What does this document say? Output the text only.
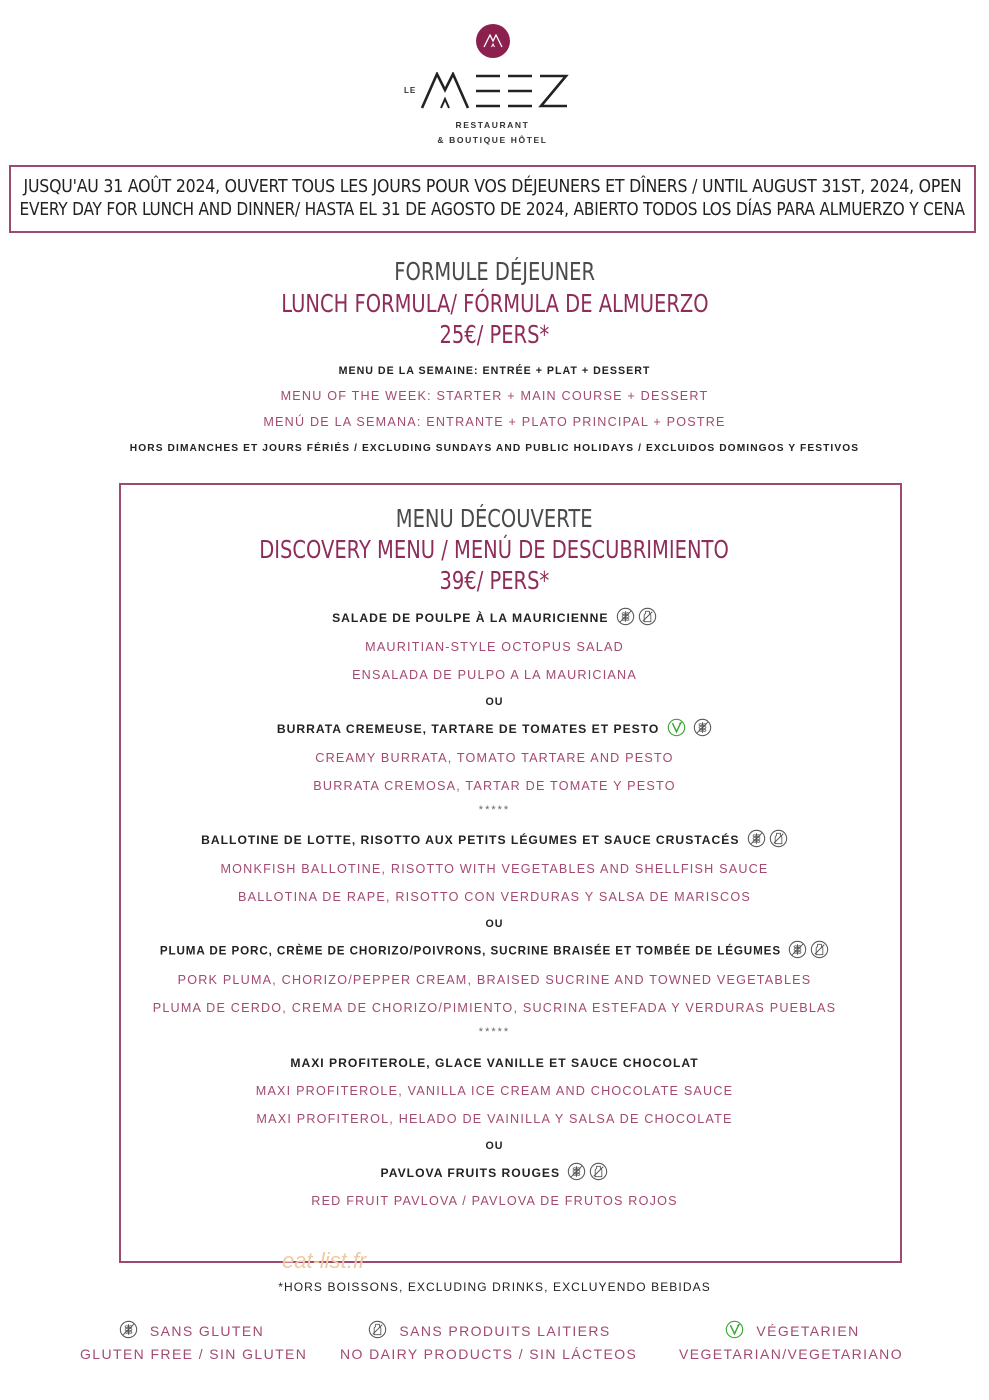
LE
RESTAURANT
& BOUTIQUE HÔTEL
JUSQU'AU 31 AOÛT 2024, OUVERT TOUS LES JOURS POUR VOS DÉJEUNERS ET DÎNERS / UNTIL AUGUST 31ST, 2024, OPEN
EVERY DAY FOR LUNCH AND DINNER/ HASTA EL 31 DE AGOSTO DE 2024, ABIERTO TODOS LOS DÍAS PARA ALMUERZO Y CENA
FORMULE DÉJEUNER
LUNCH FORMULA/ FÓRMULA DE ALMUERZO
25€/ PERS*
MENU DE LA SEMAINE: ENTRÉE + PLAT + DESSERT
MENU OF THE WEEK: STARTER + MAIN COURSE + DESSERT
MENÚ DE LA SEMANA: ENTRANTE + PLATO PRINCIPAL + POSTRE
HORS DIMANCHES ET JOURS FÉRIÉS / EXCLUDING SUNDAYS AND PUBLIC HOLIDAYS / EXCLUIDOS DOMINGOS Y FESTIVOS
MENU DÉCOUVERTE
DISCOVERY MENU / MENÚ DE DESCUBRIMIENTO
39€/ PERS*
SALADE DE POULPE À LA MAURICIENNE
MAURITIAN-STYLE OCTOPUS SALAD
ENSALADA DE PULPO A LA MAURICIANA
OU
BURRATA CREMEUSE, TARTARE DE TOMATES ET PESTO

CREAMY BURRATA, TOMATO TARTARE AND PESTO
BURRATA CREMOSA, TARTAR DE TOMATE Y PESTO
*****
BALLOTINE DE LOTTE, RISOTTO AUX PETITS LÉGUMES ET SAUCE CRUSTACÉS
MONKFISH BALLOTINE, RISOTTO WITH VEGETABLES AND SHELLFISH SAUCE
BALLOTINA DE RAPE, RISOTTO CON VERDURAS Y SALSA DE MARISCOS
OU
PLUMA DE PORC, CRÈME DE CHORIZO/POIVRONS, SUCRINE BRAISÉE ET TOMBÉE DE LÉGUMES
PORK PLUMA, CHORIZO/PEPPER CREAM, BRAISED SUCRINE AND TOWNED VEGETABLES
PLUMA DE CERDO, CREMA DE CHORIZO/PIMIENTO, SUCRINA ESTEFADA Y VERDURAS PUEBLAS
*****
MAXI PROFITEROLE, GLACE VANILLE ET SAUCE CHOCOLAT
MAXI PROFITEROLE, VANILLA ICE CREAM AND CHOCOLATE SAUCE
MAXI PROFITEROL, HELADO DE VAINILLA Y SALSA DE CHOCOLATE
OU
PAVLOVA FRUITS ROUGES
RED FRUIT PAVLOVA / PAVLOVA DE FRUTOS ROJOS
eat-list.fr
*HORS BOISSONS, EXCLUDING DRINKS, EXCLUYENDO BEBIDAS
SANS GLUTEN
GLUTEN FREE / SIN GLUTEN
SANS PRODUITS LAITIERS
NO DAIRY PRODUCTS / SIN LÁCTEOS
VÉGETARIEN
VEGETARIAN/VEGETARIANO
